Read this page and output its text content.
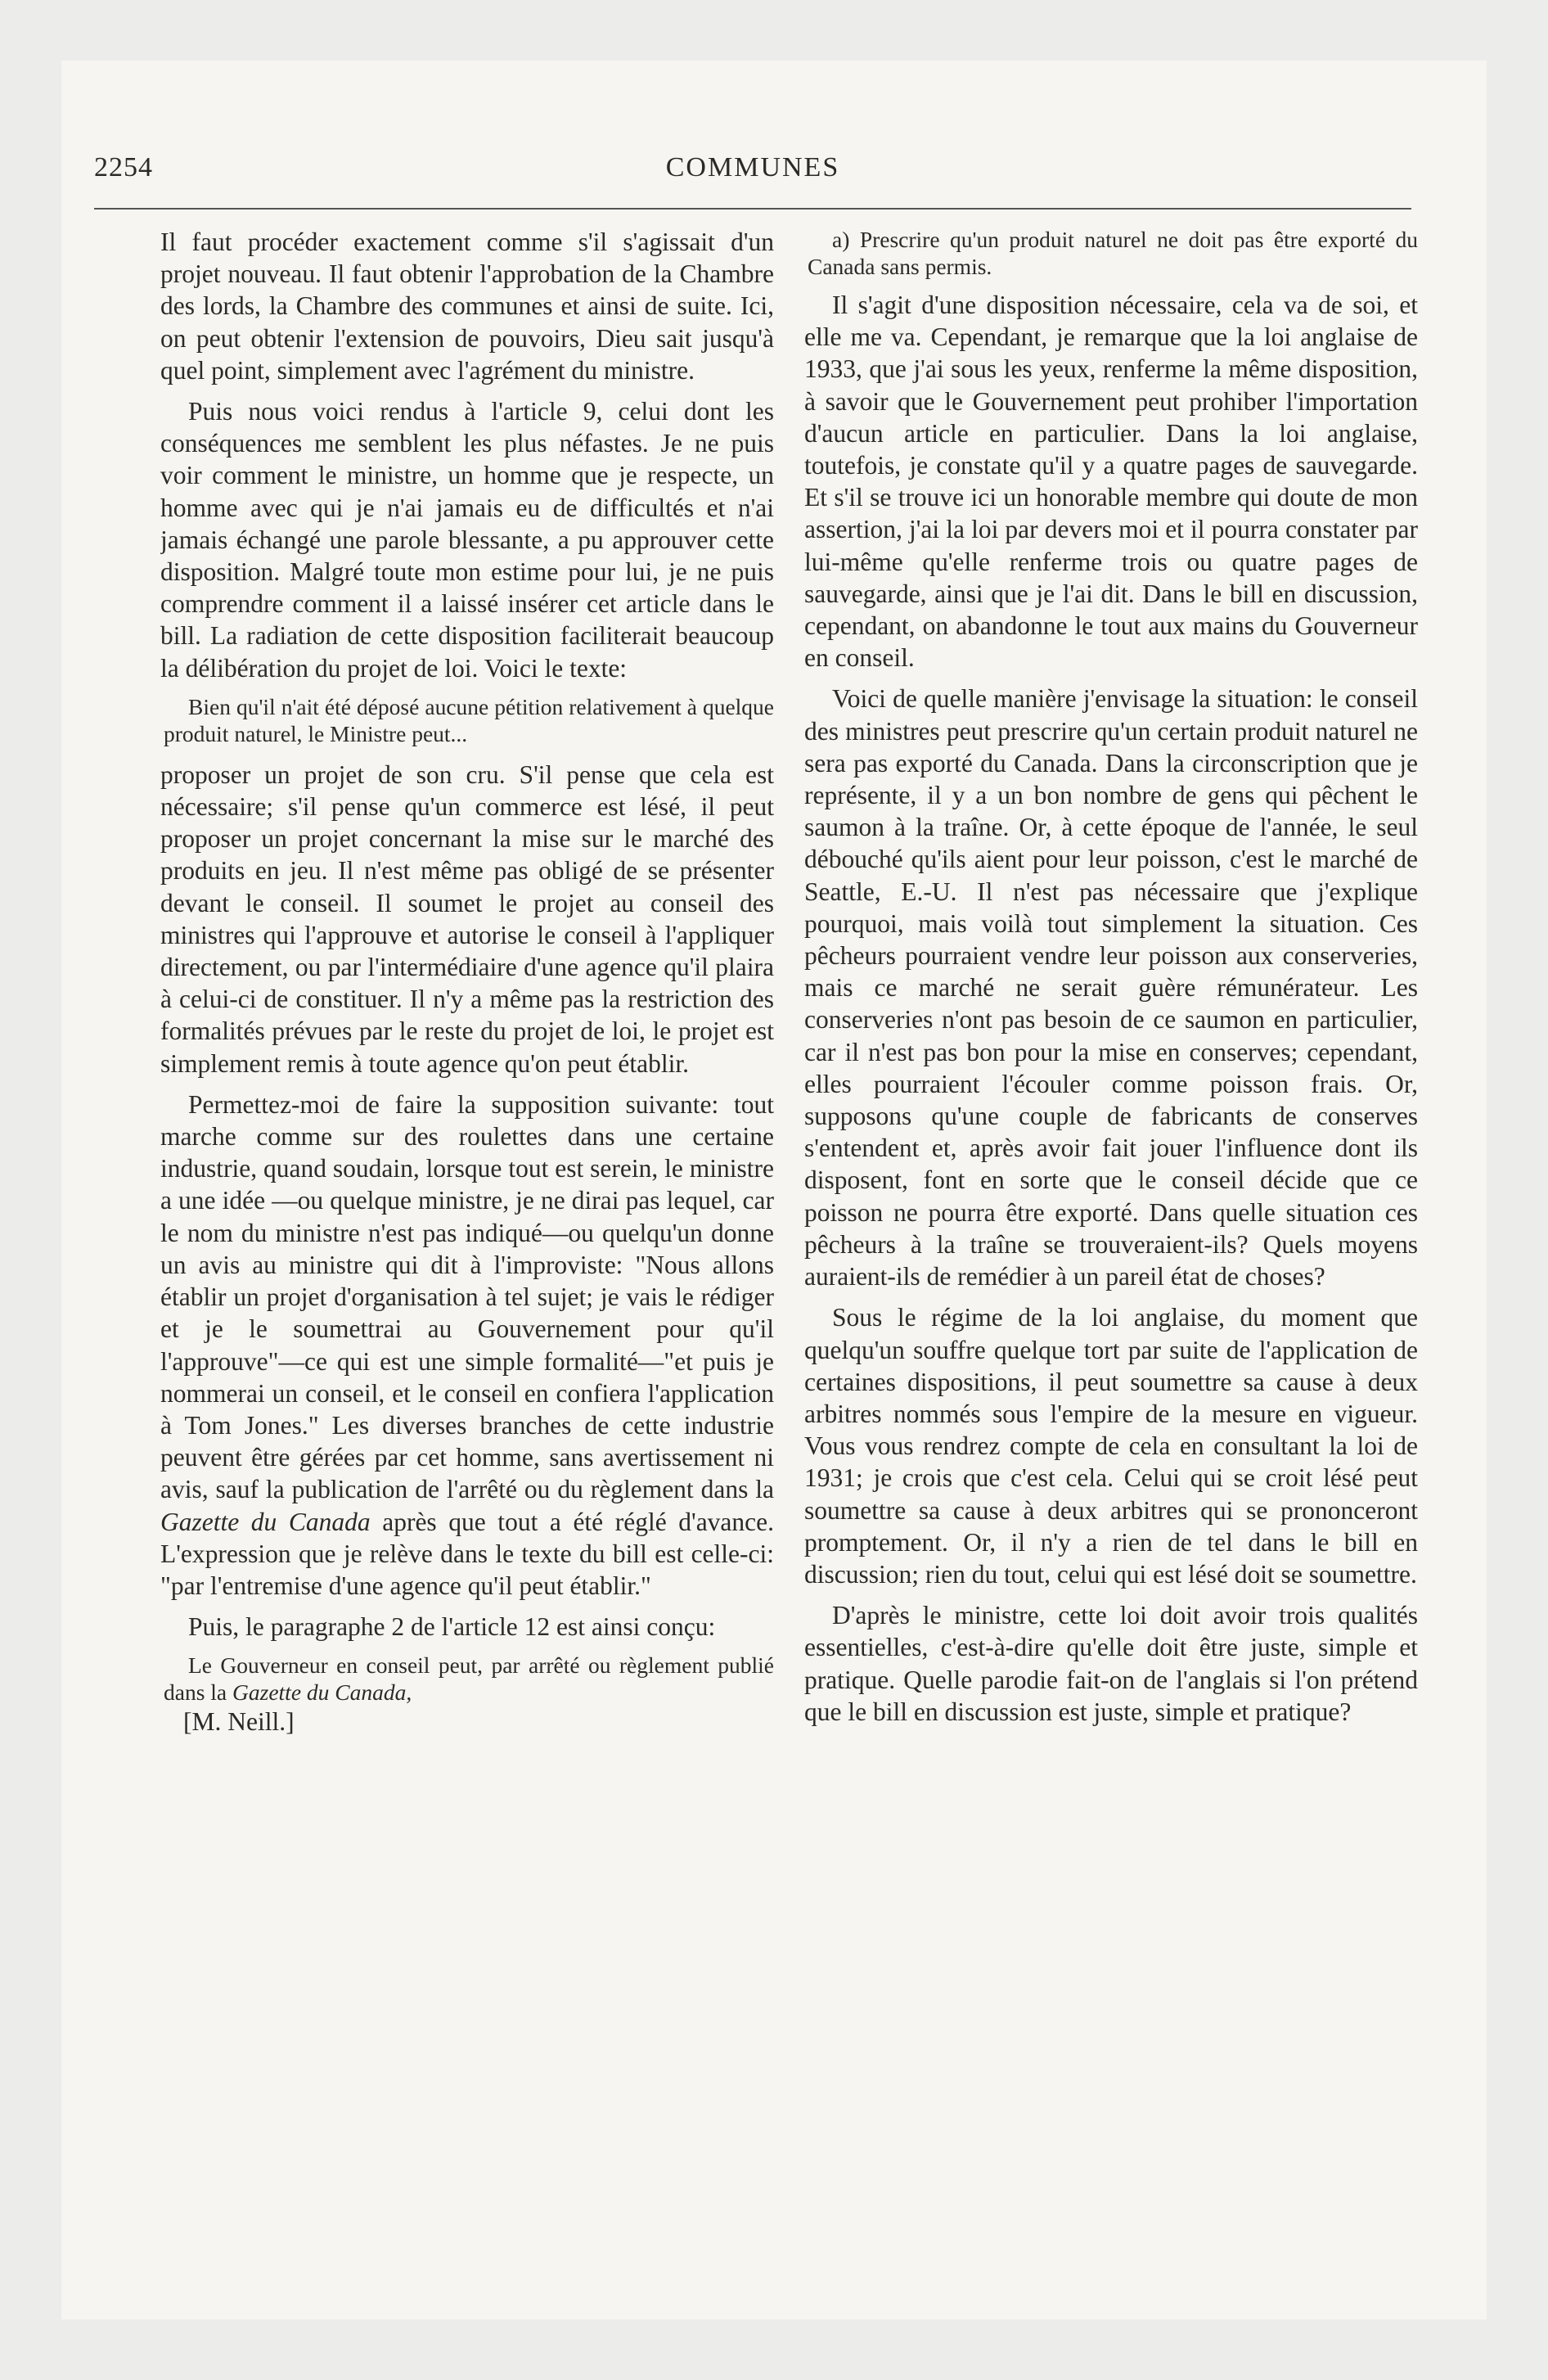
2254	COMMUNES

Il faut procéder exactement comme s'il s'agissait d'un projet nouveau. Il faut obtenir l'approbation de la Chambre des lords, la Chambre des communes et ainsi de suite. Ici, on peut obtenir l'extension de pouvoirs, Dieu sait jusqu'à quel point, simplement avec l'agrément du ministre.

Puis nous voici rendus à l'article 9, celui dont les conséquences me semblent les plus néfastes. Je ne puis voir comment le ministre, un homme que je respecte, un homme avec qui je n'ai jamais eu de difficultés et n'ai jamais échangé une parole blessante, a pu approuver cette disposition. Malgré toute mon estime pour lui, je ne puis comprendre comment il a laissé insérer cet article dans le bill. La radiation de cette disposition faciliterait beaucoup la délibération du projet de loi. Voici le texte:

Bien qu'il n'ait été déposé aucune pétition relativement à quelque produit naturel, le Ministre peut...

proposer un projet de son cru. S'il pense que cela est nécessaire; s'il pense qu'un commerce est lésé, il peut proposer un projet concernant la mise sur le marché des produits en jeu. Il n'est même pas obligé de se présenter devant le conseil. Il soumet le projet au conseil des ministres qui l'approuve et autorise le conseil à l'appliquer directement, ou par l'intermédiaire d'une agence qu'il plaira à celui-ci de constituer. Il n'y a même pas la restriction des formalités prévues par le reste du projet de loi, le projet est simplement remis à toute agence qu'on peut établir.

Permettez-moi de faire la supposition suivante: tout marche comme sur des roulettes dans une certaine industrie, quand soudain, lorsque tout est serein, le ministre a une idée —ou quelque ministre, je ne dirai pas lequel, car le nom du ministre n'est pas indiqué—ou quelqu'un donne un avis au ministre qui dit à l'improviste: "Nous allons établir un projet d'organisation à tel sujet; je vais le rédiger et je le soumettrai au Gouvernement pour qu'il l'approuve"—ce qui est une simple formalité—"et puis je nommerai un conseil, et le conseil en confiera l'application à Tom Jones." Les diverses branches de cette industrie peuvent être gérées par cet homme, sans avertissement ni avis, sauf la publication de l'arrêté ou du règlement dans la Gazette du Canada après que tout a été réglé d'avance. L'expression que je relève dans le texte du bill est celle-ci: "par l'entremise d'une agence qu'il peut établir."

Puis, le paragraphe 2 de l'article 12 est ainsi conçu:

Le Gouverneur en conseil peut, par arrêté ou règlement publié dans la Gazette du Canada,

[M. Neill.]

a) Prescrire qu'un produit naturel ne doit pas être exporté du Canada sans permis.

Il s'agit d'une disposition nécessaire, cela va de soi, et elle me va. Cependant, je remarque que la loi anglaise de 1933, que j'ai sous les yeux, renferme la même disposition, à savoir que le Gouvernement peut prohiber l'importation d'aucun article en particulier. Dans la loi anglaise, toutefois, je constate qu'il y a quatre pages de sauvegarde. Et s'il se trouve ici un honorable membre qui doute de mon assertion, j'ai la loi par devers moi et il pourra constater par lui-même qu'elle renferme trois ou quatre pages de sauvegarde, ainsi que je l'ai dit. Dans le bill en discussion, cependant, on abandonne le tout aux mains du Gouverneur en conseil.

Voici de quelle manière j'envisage la situation: le conseil des ministres peut prescrire qu'un certain produit naturel ne sera pas exporté du Canada. Dans la circonscription que je représente, il y a un bon nombre de gens qui pêchent le saumon à la traîne. Or, à cette époque de l'année, le seul débouché qu'ils aient pour leur poisson, c'est le marché de Seattle, E.-U. Il n'est pas nécessaire que j'explique pourquoi, mais voilà tout simplement la situation. Ces pêcheurs pourraient vendre leur poisson aux conserveries, mais ce marché ne serait guère rémunérateur. Les conserveries n'ont pas besoin de ce saumon en particulier, car il n'est pas bon pour la mise en conserves; cependant, elles pourraient l'écouler comme poisson frais. Or, supposons qu'une couple de fabricants de conserves s'entendent et, après avoir fait jouer l'influence dont ils disposent, font en sorte que le conseil décide que ce poisson ne pourra être exporté. Dans quelle situation ces pêcheurs à la traîne se trouveraient-ils? Quels moyens auraient-ils de remédier à un pareil état de choses?

Sous le régime de la loi anglaise, du moment que quelqu'un souffre quelque tort par suite de l'application de certaines dispositions, il peut soumettre sa cause à deux arbitres nommés sous l'empire de la mesure en vigueur. Vous vous rendrez compte de cela en consultant la loi de 1931; je crois que c'est cela. Celui qui se croit lésé peut soumettre sa cause à deux arbitres qui se prononceront promptement. Or, il n'y a rien de tel dans le bill en discussion; rien du tout, celui qui est lésé doit se soumettre.

D'après le ministre, cette loi doit avoir trois qualités essentielles, c'est-à-dire qu'elle doit être juste, simple et pratique. Quelle parodie fait-on de l'anglais si l'on prétend que le bill en discussion est juste, simple et pratique?
